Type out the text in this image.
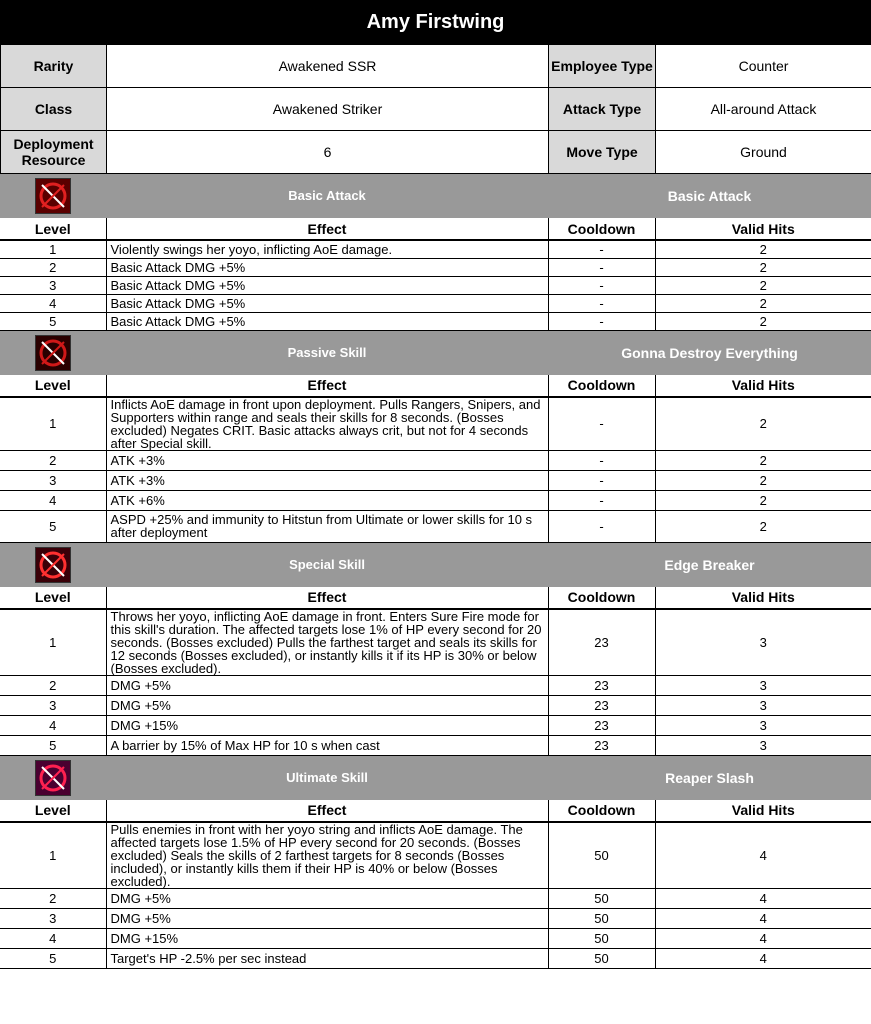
Amy Firstwing
Rarity	Awakened SSR	Employee Type	Counter
Class	Awakened Striker	Attack Type	All-around Attack
Deployment Resource	6	Move Type	Ground
	Basic Attack	Basic Attack	
Level	Effect	Cooldown	Valid Hits
1	Violently swings her yoyo, inflicting AoE damage.	-	2
2	Basic Attack DMG +5%	-	2
3	Basic Attack DMG +5%	-	2
4	Basic Attack DMG +5%	-	2
5	Basic Attack DMG +5%	-	2
	Passive Skill	Gonna Destroy Everything	
Level	Effect	Cooldown	Valid Hits
1	Inflicts AoE damage in front upon deployment. Pulls Rangers, Snipers, and Supporters within range and seals their skills for 8 seconds. (Bosses excluded) Negates CRIT. Basic attacks always crit, but not for 4 seconds after Special skill.	-	2
2	ATK +3%	-	2
3	ATK +3%	-	2
4	ATK +6%	-	2
5	ASPD +25% and immunity to Hitstun from Ultimate or lower skills for 10 s after deployment	-	2
	Special Skill	Edge Breaker	
Level	Effect	Cooldown	Valid Hits
1	Throws her yoyo, inflicting AoE damage in front. Enters Sure Fire mode for this skill's duration. The affected targets lose 1% of HP every second for 20 seconds. (Bosses excluded) Pulls the farthest target and seals its skills for 12 seconds (Bosses excluded), or instantly kills it if its HP is 30% or below (Bosses excluded).	23	3
2	DMG +5%	23	3
3	DMG +5%	23	3
4	DMG +15%	23	3
5	A barrier by 15% of Max HP for 10 s when cast	23	3
	Ultimate Skill	Reaper Slash	
Level	Effect	Cooldown	Valid Hits
1	Pulls enemies in front with her yoyo string and inflicts AoE damage. The affected targets lose 1.5% of HP every second for 20 seconds. (Bosses excluded) Seals the skills of 2 farthest targets for 8 seconds (Bosses included), or instantly kills them if their HP is 40% or below (Bosses excluded).	50	4
2	DMG +5%	50	4
3	DMG +5%	50	4
4	DMG +15%	50	4
5	Target's HP -2.5% per sec instead	50	4
